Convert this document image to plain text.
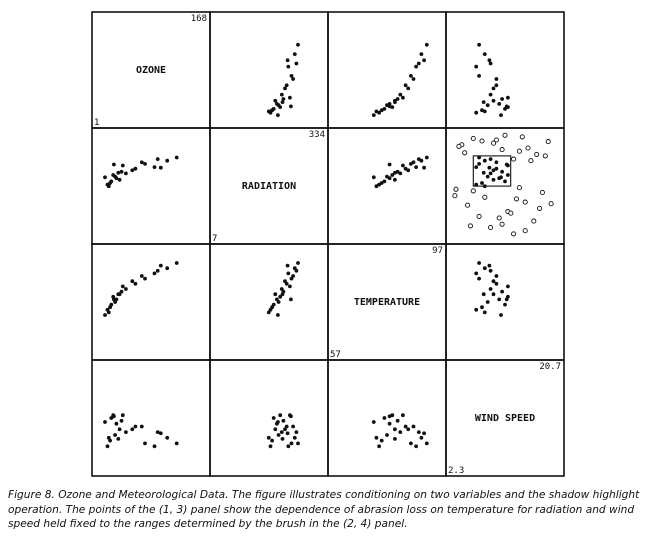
OZONE
168
1
RADIATION
334
7
TEMPERATURE
97
57
WIND SPEED
20.7
2.3
Figure 8. Ozone and Meteorological Data. The figure illustrates conditioning on two variables and the shadow highlight operation. The points of the (1, 3) panel show the dependence of abrasion loss on temperature for radiation and wind speed held fixed to the ranges determined by the brush in the (2, 4) panel.
